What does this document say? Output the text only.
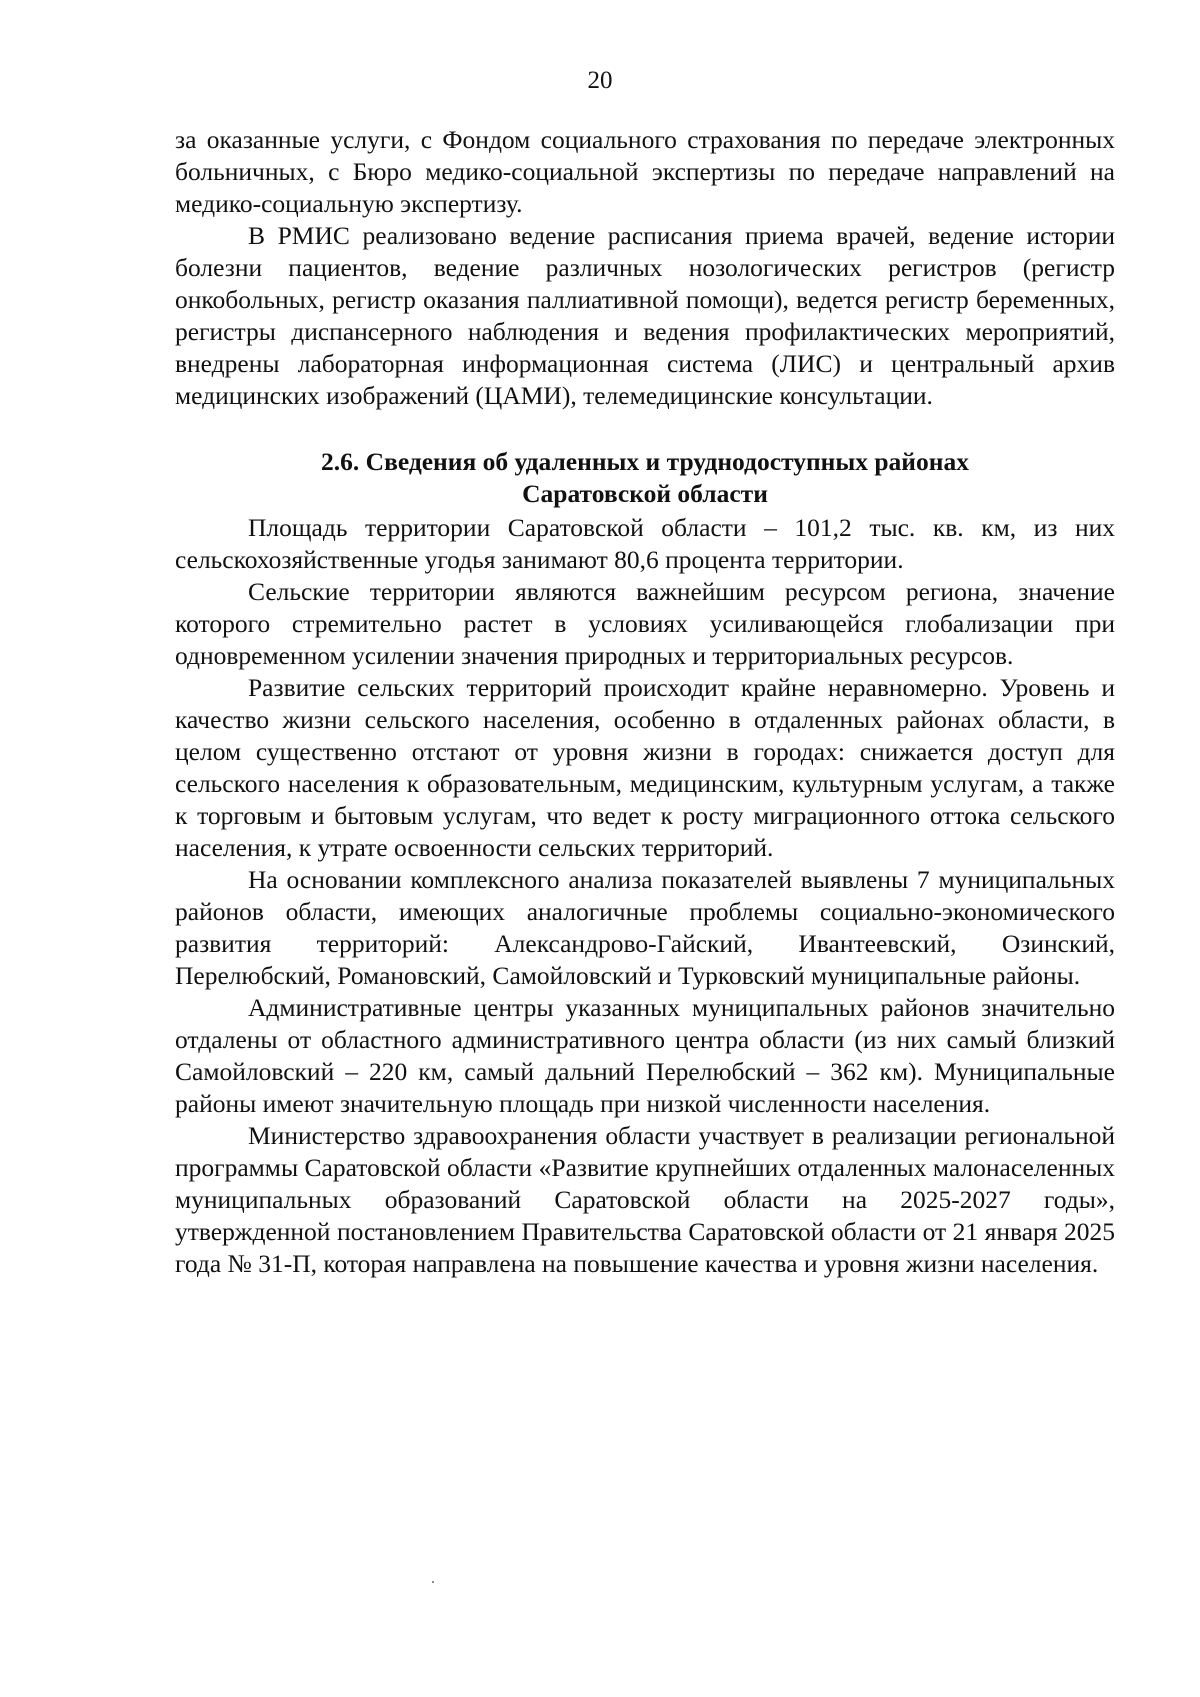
20

за оказанные услуги, с Фондом социального страхования по передаче электронных больничных, с Бюро медико-социальной экспертизы по передаче направлений на медико-социальную экспертизу.

В РМИС реализовано ведение расписания приема врачей, ведение истории болезни пациентов, ведение различных нозологических регистров (регистр онкобольных, регистр оказания паллиативной помощи), ведется регистр беременных, регистры диспансерного наблюдения и ведения профилактических мероприятий, внедрены лабораторная информационная система (ЛИС) и центральный архив медицинских изображений (ЦАМИ), телемедицинские консультации.

2.6. Сведения об удаленных и труднодоступных районах
Саратовской области

Площадь территории Саратовской области – 101,2 тыс. кв. км, из них сельскохозяйственные угодья занимают 80,6 процента территории.

Сельские территории являются важнейшим ресурсом региона, значение которого стремительно растет в условиях усиливающейся глобализации при одновременном усилении значения природных и территориальных ресурсов.

Развитие сельских территорий происходит крайне неравномерно. Уровень и качество жизни сельского населения, особенно в отдаленных районах области, в целом существенно отстают от уровня жизни в городах: снижается доступ для сельского населения к образовательным, медицинским, культурным услугам, а также к торговым и бытовым услугам, что ведет к росту миграционного оттока сельского населения, к утрате освоенности сельских территорий.

На основании комплексного анализа показателей выявлены 7 муниципальных районов области, имеющих аналогичные проблемы социально-экономического развития территорий: Александрово-Гайский, Ивантеевский, Озинский, Перелюбский, Романовский, Самойловский и Турковский муниципальные районы.

Административные центры указанных муниципальных районов значительно отдалены от областного административного центра области (из них самый близкий Самойловский – 220 км, самый дальний Перелюбский – 362 км). Муниципальные районы имеют значительную площадь при низкой численности населения.

Министерство здравоохранения области участвует в реализации региональной программы Саратовской области «Развитие крупнейших отдаленных малонаселенных муниципальных образований Саратовской области на 2025-2027 годы», утвержденной постановлением Правительства Саратовской области от 21 января 2025 года № 31-П, которая направлена на повышение качества и уровня жизни населения.
